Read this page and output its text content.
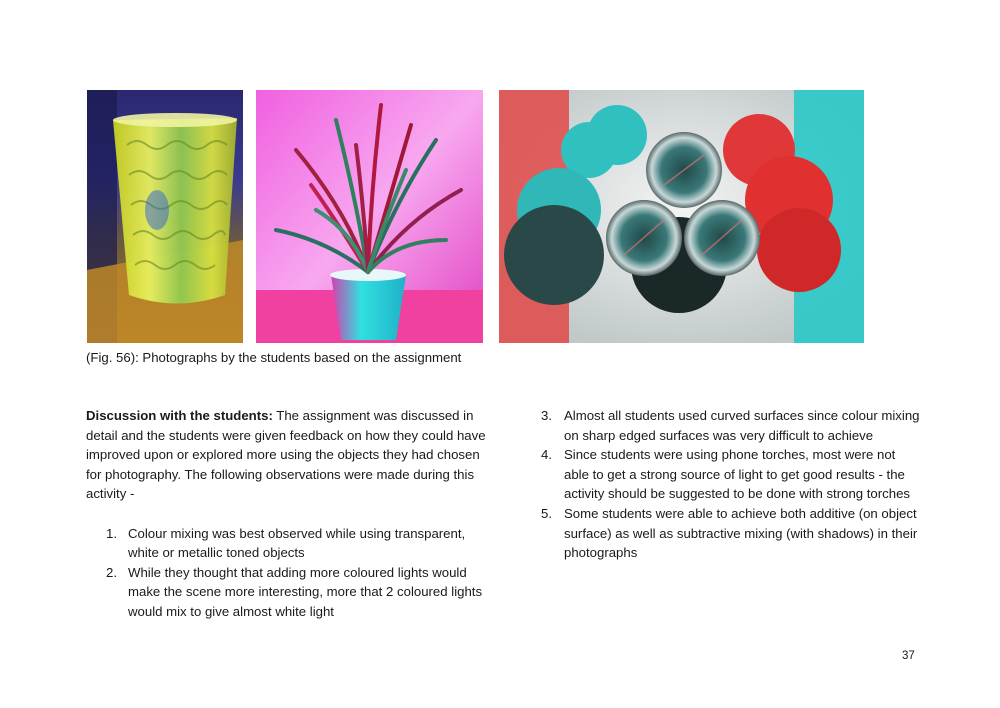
(Fig. 56): Photographs by the students based on the assignment

Discussion with the students: The assignment was discussed in detail and the students were given feedback on how they could have improved upon or explored more using the objects they had chosen for photography. The following observations were made during this activity -

1. Colour mixing was best observed while using transparent, white or metallic toned objects
2. While they thought that adding more coloured lights would make the scene more interesting, more that 2 coloured lights would mix to give almost white light
3. Almost all students used curved surfaces since colour mixing on sharp edged surfaces was very difficult to achieve
4. Since students were using phone torches, most were not able to get a strong source of light to get good results - the activity should be suggested to be done with strong torches
5. Some students were able to achieve both additive (on object surface) as well as subtractive mixing (with shadows) in their photographs
37
